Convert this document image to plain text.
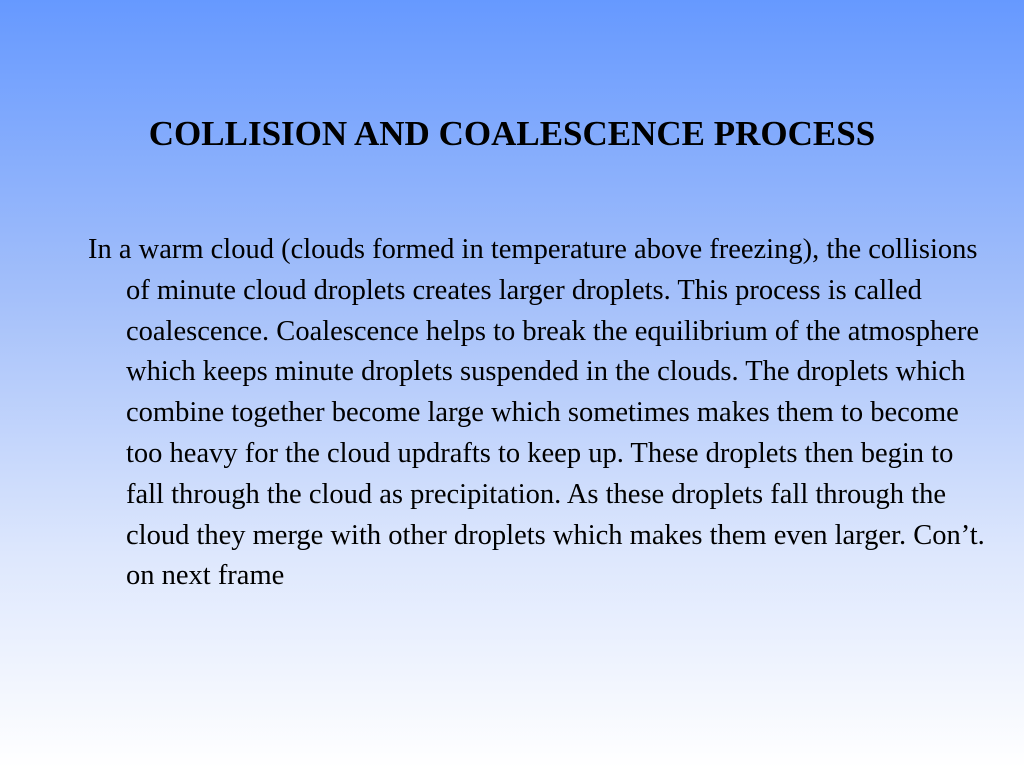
COLLISION AND COALESCENCE PROCESS

In a warm cloud (clouds formed in temperature above freezing), the collisions of minute cloud droplets creates larger droplets. This process is called coalescence. Coalescence helps to break the equilibrium of the atmosphere which keeps minute droplets suspended in the clouds. The droplets which combine together become large which sometimes makes them to become too heavy for the cloud updrafts to keep up. These droplets then begin to fall through the cloud as precipitation. As these droplets fall through the cloud they merge with other droplets which makes them even larger. Con’t. on next frame
